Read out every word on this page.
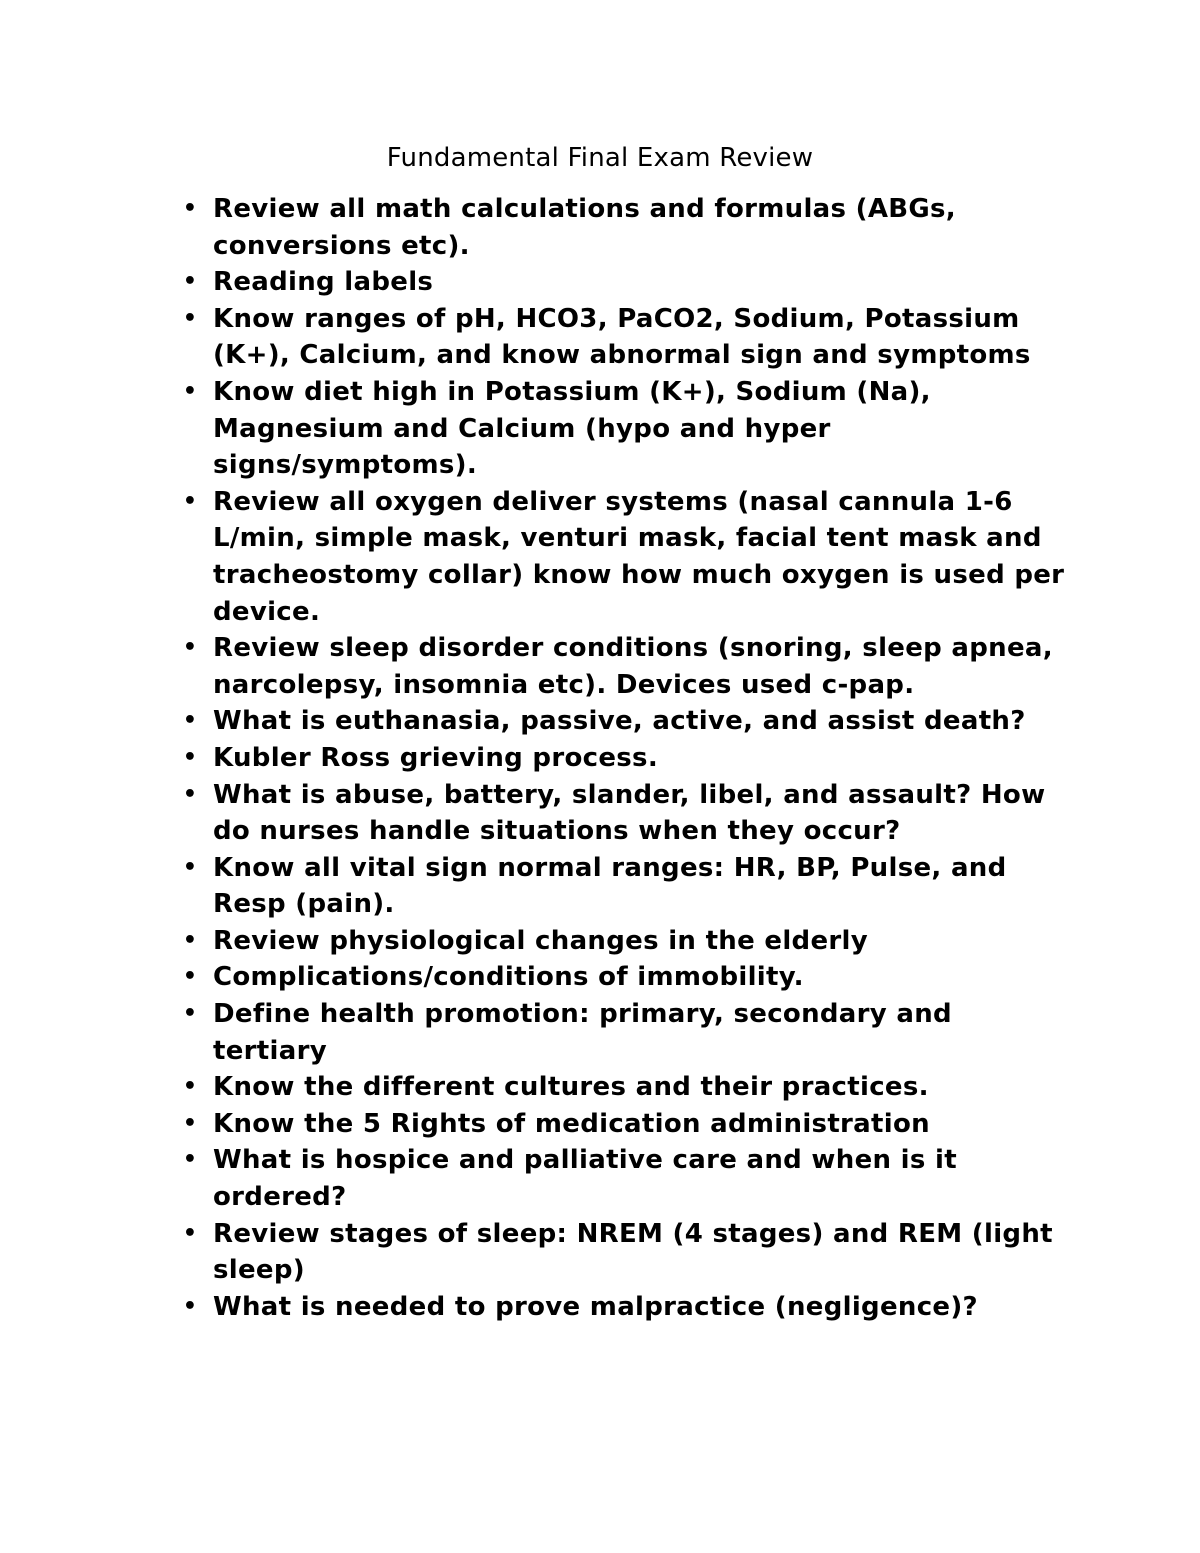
Fundamental Final Exam Review
• Review all math calculations and formulas (ABGs, conversions etc).
• Reading labels
• Know ranges of pH, HCO3, PaCO2, Sodium, Potassium (K+), Calcium, and know abnormal sign and symptoms
• Know diet high in Potassium (K+), Sodium (Na), Magnesium and Calcium (hypo and hyper signs/symptoms).
• Review all oxygen deliver systems (nasal cannula 1-6 L/min, simple mask, venturi mask, facial tent mask and tracheostomy collar) know how much oxygen is used per device.
• Review sleep disorder conditions (snoring, sleep apnea, narcolepsy, insomnia etc). Devices used c-pap.
• What is euthanasia, passive, active, and assist death?
• Kubler Ross grieving process.
• What is abuse, battery, slander, libel, and assault? How do nurses handle situations when they occur?
• Know all vital sign normal ranges: HR, BP, Pulse, and Resp (pain).
• Review physiological changes in the elderly
• Complications/conditions of immobility.
• Define health promotion: primary, secondary and tertiary
• Know the different cultures and their practices.
• Know the 5 Rights of medication administration
• What is hospice and palliative care and when is it ordered?
• Review stages of sleep: NREM (4 stages) and REM (light sleep)
• What is needed to prove malpractice (negligence)?
